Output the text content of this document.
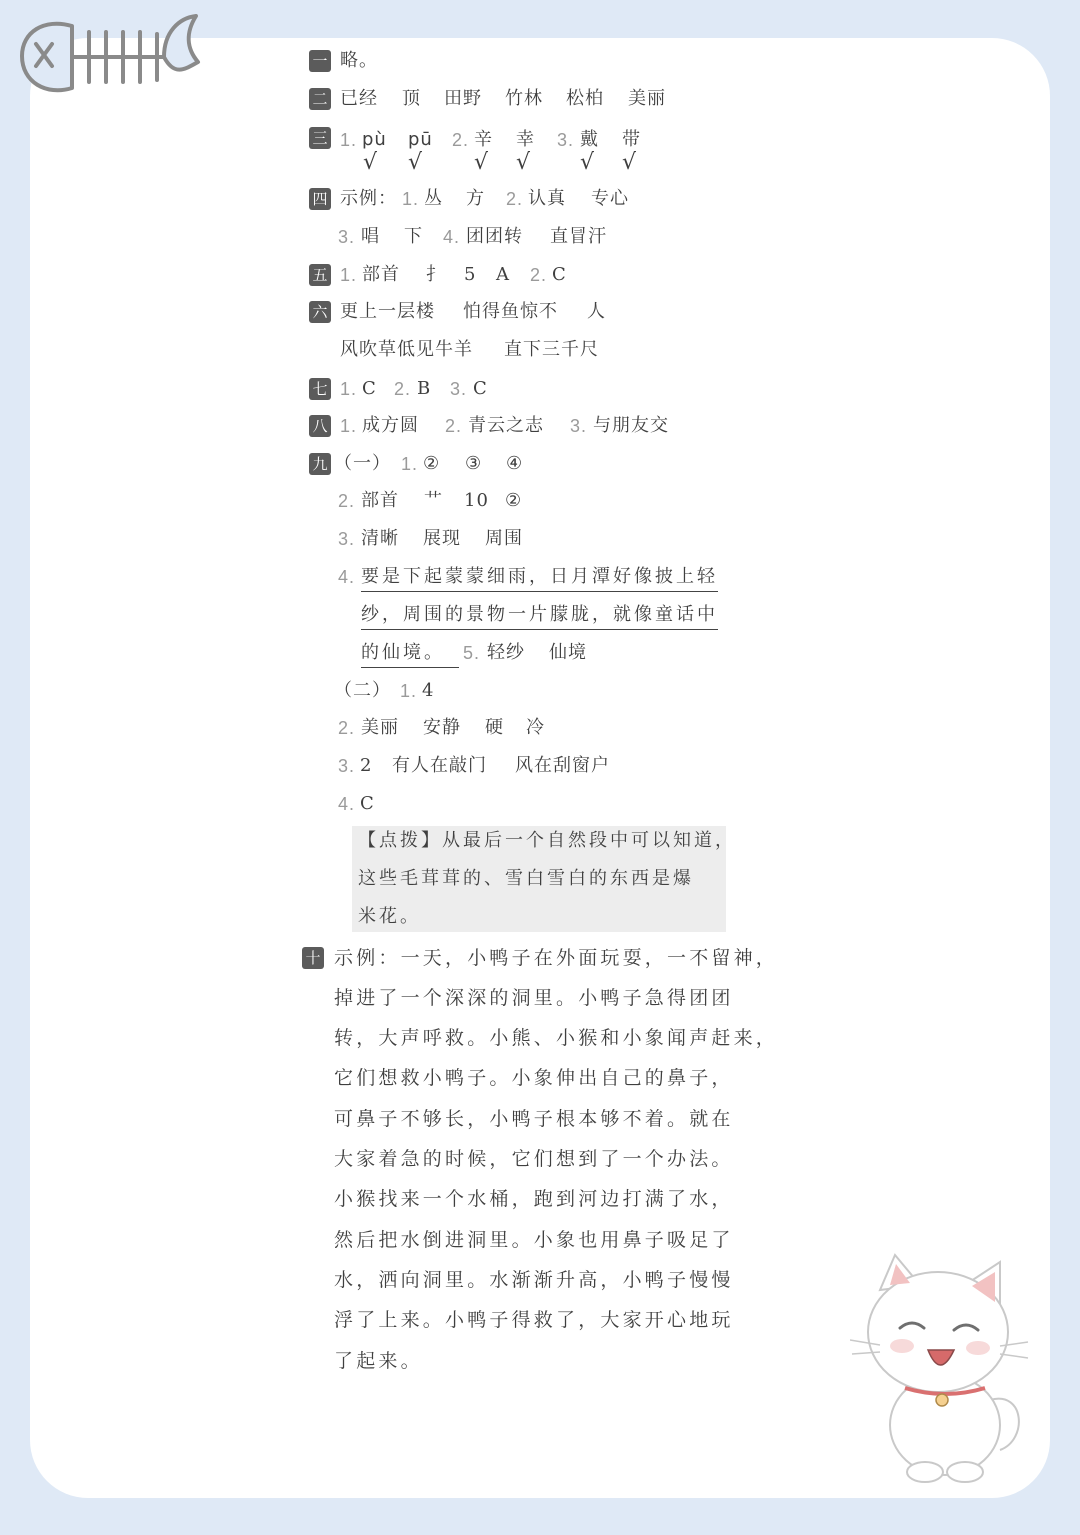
一 略。
二 已经 顶 田野 竹林 松柏 美丽
三 1. pù pū 2. 辛 幸 3. 戴 带
√ √ √ √ √ √
四 示例： 1. 丛 方 2. 认真 专心
3. 唱 下 4. 团团转 直冒汗
五 1. 部首 扌 5 A 2. C
六 更上一层楼 怕得鱼惊不 人
风吹草低见牛羊 直下三千尺
七 1. C 2. B 3. C
八 1. 成方圆 2. 青云之志 3. 与朋友交
九 （一） 1. ② ③ ④
2. 部首 艹 10 ②
3. 清晰 展现 周围
4. 要是下起蒙蒙细雨，日月潭好像披上轻
纱，周围的景物一片朦胧，就像童话中
的仙境。	5. 轻纱 仙境
（二） 1. 4
2. 美丽 安静 硬 冷
3. 2 有人在敲门 风在刮窗户
4. C
【点拨】从最后一个自然段中可以知道，
这些毛茸茸的、雪白雪白的东西是爆
米花。
十 示例：一天，小鸭子在外面玩耍，一不留神，
掉进了一个深深的洞里。小鸭子急得团团
转，大声呼救。小熊、小猴和小象闻声赶来，
它们想救小鸭子。小象伸出自己的鼻子，
可鼻子不够长，小鸭子根本够不着。就在
大家着急的时候，它们想到了一个办法。
小猴找来一个水桶，跑到河边打满了水，
然后把水倒进洞里。小象也用鼻子吸足了
水，洒向洞里。水渐渐升高，小鸭子慢慢
浮了上来。小鸭子得救了，大家开心地玩
了起来。
